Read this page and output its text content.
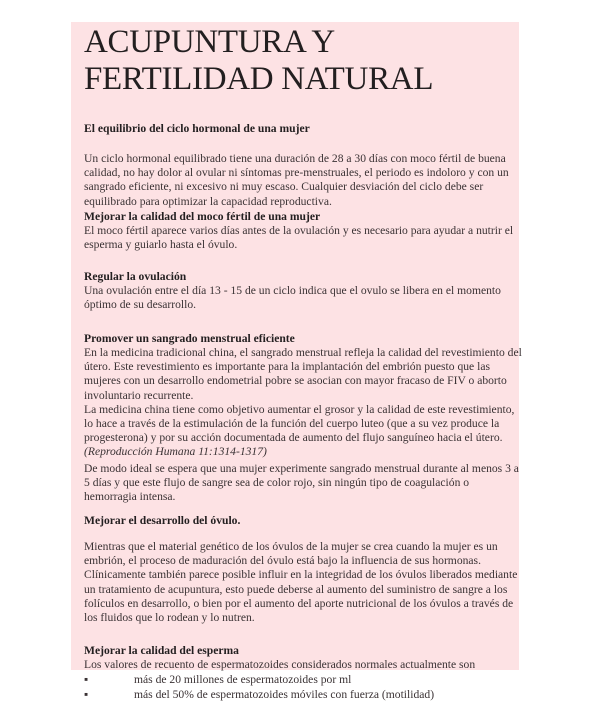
ACUPUNTURA Y FERTILIDAD NATURAL

El equilibrio del ciclo hormonal de una mujer

Un ciclo hormonal equilibrado tiene una duración de 28 a 30 días con moco fértil de buena calidad, no hay dolor al ovular ni síntomas pre-menstruales, el periodo es indoloro y con un sangrado eficiente, ni excesivo ni muy escaso. Cualquier desviación del ciclo debe ser equilibrado para optimizar la capacidad reproductiva.

Mejorar la calidad del moco fértil de una mujer

El moco fértil aparece varios días antes de la ovulación y es necesario para ayudar a nutrir el esperma y guiarlo hasta el óvulo.

Regular la ovulación

Una ovulación entre el día 13 - 15 de un ciclo indica que el ovulo se libera en el momento óptimo de su desarrollo.

Promover un sangrado menstrual eficiente

En la medicina tradicional china, el sangrado menstrual refleja la calidad del revestimiento del útero. Este revestimiento es importante para la implantación del embrión puesto que las mujeres con un desarrollo endometrial pobre se asocian con mayor fracaso de FIV o aborto involuntario recurrente.

La medicina china tiene como objetivo aumentar el grosor y la calidad de este revestimiento, lo hace a través de la estimulación de la función del cuerpo luteo (que a su vez produce la progesterona) y por su acción documentada de aumento del flujo sanguíneo hacia el útero.

(Reproducción Humana 11:1314-1317)

De modo ideal se espera que una mujer experimente sangrado menstrual durante al menos 3 a 5 días y que este flujo de sangre sea de color rojo, sin ningún tipo de coagulación o hemorragia intensa.

Mejorar el desarrollo del óvulo.

Mientras que el material genético de los óvulos de la mujer se crea cuando la mujer es un embrión, el proceso de maduración del óvulo está bajo la influencia de sus hormonas.

Clínicamente también parece posible influir en la integridad de los óvulos liberados mediante un tratamiento de acupuntura, esto puede deberse al aumento del suministro de sangre a los folículos en desarrollo, o bien por el aumento del aporte nutricional de los óvulos a través de los fluidos que lo rodean y lo nutren.

Mejorar la calidad del esperma

Los valores de recuento de espermatozoides considerados normales actualmente son

▪	más de 20 millones de espermatozoides por ml
▪	más del 50% de espermatozoides móviles con fuerza (motilidad)
